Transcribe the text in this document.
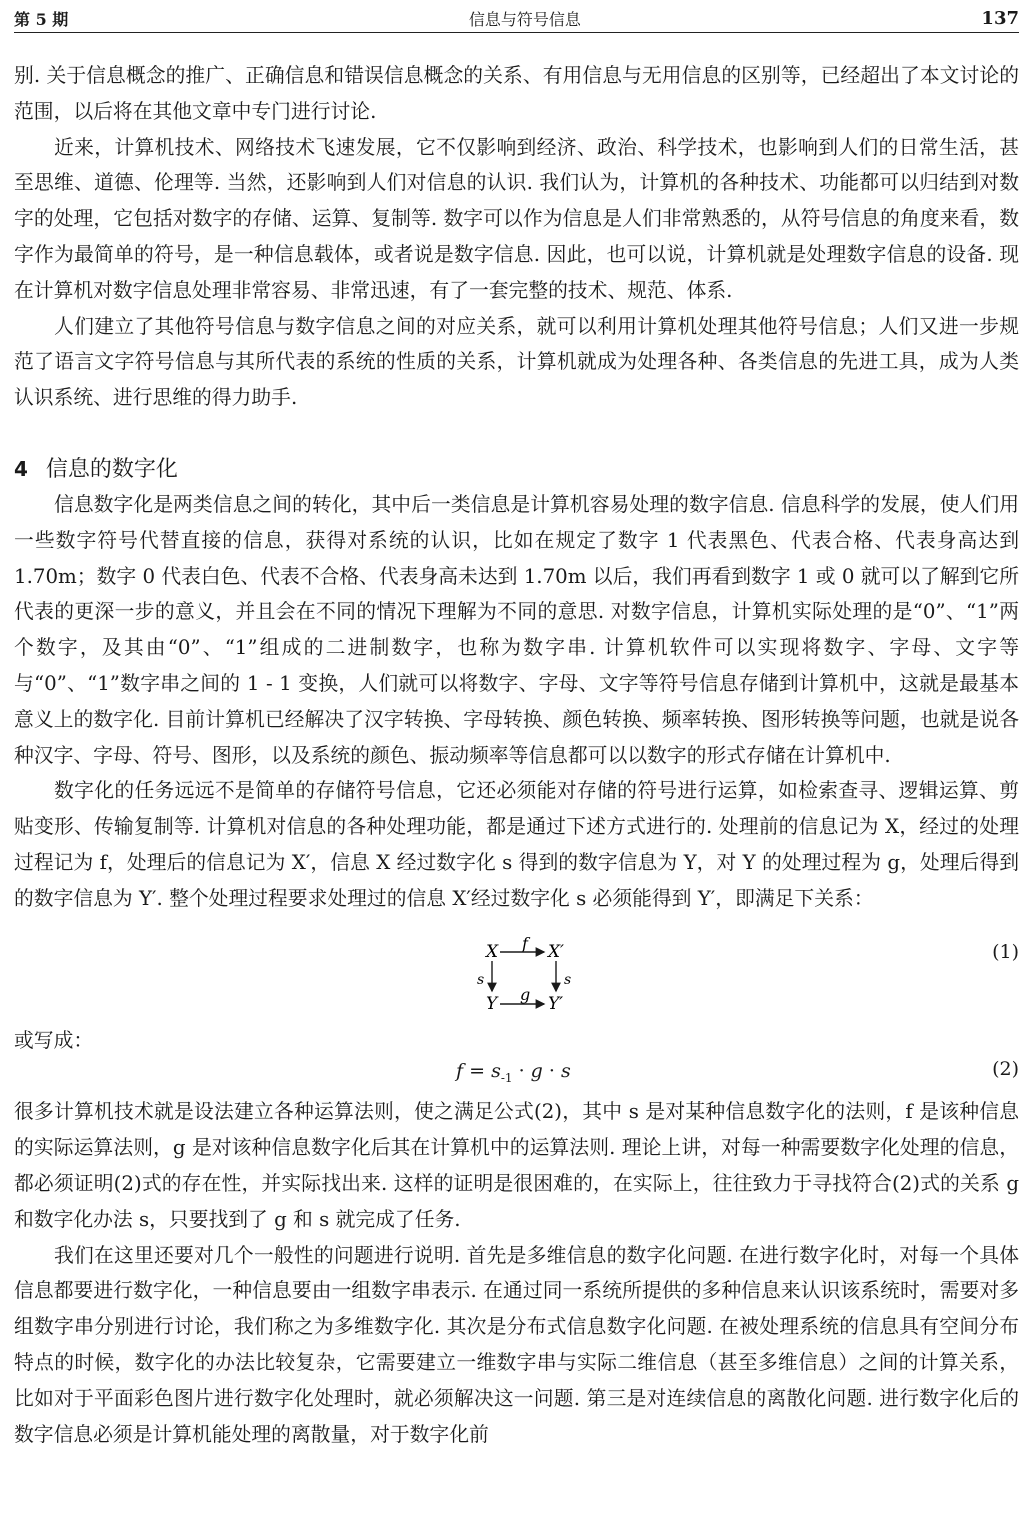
第 5 期	信息与符号信息	137

别. 关于信息概念的推广、正确信息和错误信息概念的关系、有用信息与无用信息的区别等，已经超出了本文讨论的范围，以后将在其他文章中专门进行讨论.

近来，计算机技术、网络技术飞速发展，它不仅影响到经济、政治、科学技术，也影响到人们的日常生活，甚至思维、道德、伦理等. 当然，还影响到人们对信息的认识. 我们认为，计算机的各种技术、功能都可以归结到对数字的处理，它包括对数字的存储、运算、复制等. 数字可以作为信息是人们非常熟悉的，从符号信息的角度来看，数字作为最简单的符号，是一种信息载体，或者说是数字信息. 因此，也可以说，计算机就是处理数字信息的设备. 现在计算机对数字信息处理非常容易、非常迅速，有了一套完整的技术、规范、体系.

人们建立了其他符号信息与数字信息之间的对应关系，就可以利用计算机处理其他符号信息；人们又进一步规范了语言文字符号信息与其所代表的系统的性质的关系，计算机就成为处理各种、各类信息的先进工具，成为人类认识系统、进行思维的得力助手.

4 信息的数字化

信息数字化是两类信息之间的转化，其中后一类信息是计算机容易处理的数字信息. 信息科学的发展，使人们用一些数字符号代替直接的信息，获得对系统的认识，比如在规定了数字 1 代表黑色、代表合格、代表身高达到 1.70m；数字 0 代表白色、代表不合格、代表身高未达到 1.70m 以后，我们再看到数字 1 或 0 就可以了解到它所代表的更深一步的意义，并且会在不同的情况下理解为不同的意思. 对数字信息，计算机实际处理的是“0”、“1”两个数字，及其由“0”、“1”组成的二进制数字，也称为数字串. 计算机软件可以实现将数字、字母、文字等与“0”、“1”数字串之间的 1 - 1 变换，人们就可以将数字、字母、文字等符号信息存储到计算机中，这就是最基本意义上的数字化. 目前计算机已经解决了汉字转换、字母转换、颜色转换、频率转换、图形转换等问题，也就是说各种汉字、字母、符号、图形，以及系统的颜色、振动频率等信息都可以以数字的形式存储在计算机中.

数字化的任务远远不是简单的存储符号信息，它还必须能对存储的符号进行运算，如检索查寻、逻辑运算、剪贴变形、传输复制等. 计算机对信息的各种处理功能，都是通过下述方式进行的. 处理前的信息记为 X，经过的处理过程记为 f，处理后的信息记为 X′，信息 X 经过数字化 s 得到的数字信息为 Y，对 Y 的处理过程为 g，处理后得到的数字信息为 Y′. 整个处理过程要求处理过的信息 X′经过数字化 s 必须能得到 Y′，即满足下关系：

X	X′
Y	Y′
f
g
s	s
(1)

或写成：

$f = s_{-1} \cdot g \cdot s$	(2)

很多计算机技术就是设法建立各种运算法则，使之满足公式(2)，其中 s 是对某种信息数字化的法则，f 是该种信息的实际运算法则，g 是对该种信息数字化后其在计算机中的运算法则. 理论上讲，对每一种需要数字化处理的信息，都必须证明(2)式的存在性，并实际找出来. 这样的证明是很困难的，在实际上，往往致力于寻找符合(2)式的关系 g 和数字化办法 s，只要找到了 g 和 s 就完成了任务.

我们在这里还要对几个一般性的问题进行说明. 首先是多维信息的数字化问题. 在进行数字化时，对每一个具体信息都要进行数字化，一种信息要由一组数字串表示. 在通过同一系统所提供的多种信息来认识该系统时，需要对多组数字串分别进行讨论，我们称之为多维数字化. 其次是分布式信息数字化问题. 在被处理系统的信息具有空间分布特点的时候，数字化的办法比较复杂，它需要建立一维数字串与实际二维信息（甚至多维信息）之间的计算关系，比如对于平面彩色图片进行数字化处理时，就必须解决这一问题. 第三是对连续信息的离散化问题. 进行数字化后的数字信息必须是计算机能处理的离散量，对于数字化前
